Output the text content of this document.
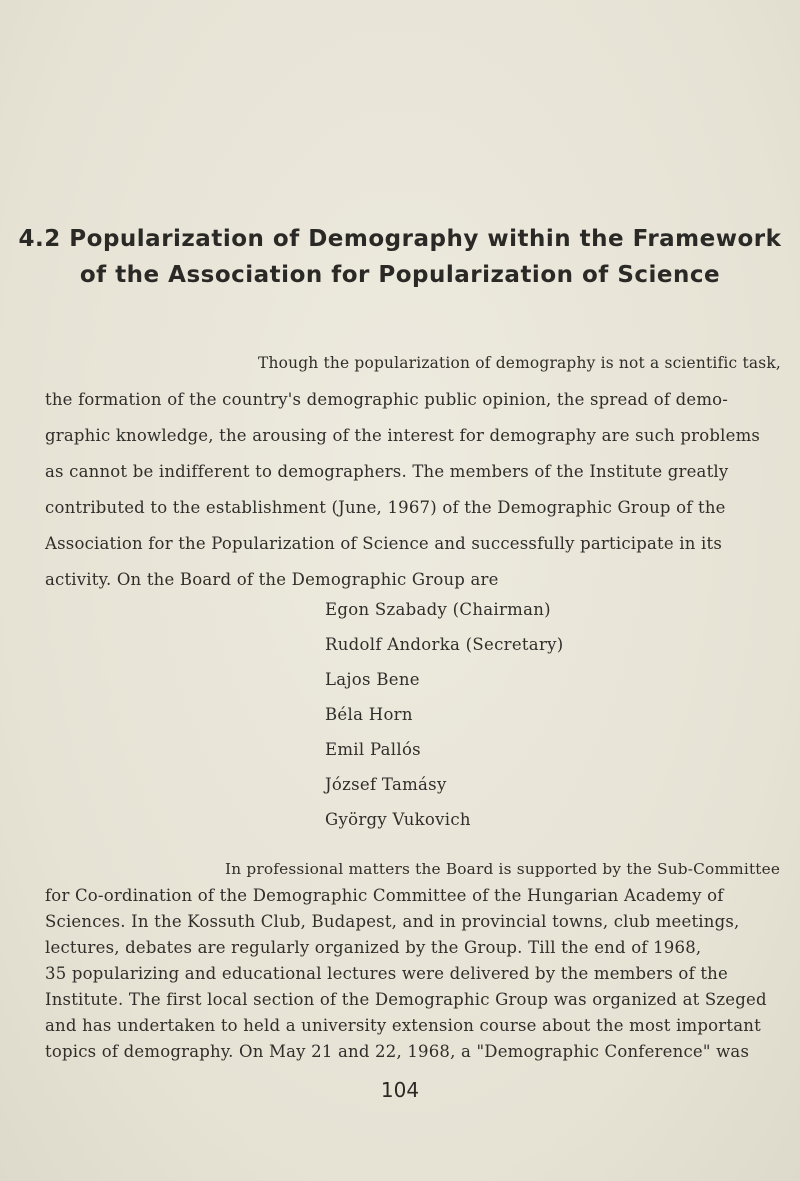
4.2 Popularization of Demography within the Framework
of the Association for Popularization of Science
Though the popularization of demography is not a scientific task,
the formation of the country's demographic public opinion, the spread of demo-
graphic knowledge, the arousing of the interest for demography are such problems
as cannot be indifferent to demographers. The members of the Institute greatly
contributed to the establishment (June, 1967) of the Demographic Group of the
Association for the Popularization of Science and successfully participate in its
activity. On the Board of the Demographic Group are
Egon Szabady (Chairman)
Rudolf Andorka (Secretary)
Lajos Bene
Béla Horn
Emil Pallós
József Tamásy
György Vukovich
In professional matters the Board is supported by the Sub-Committee
for Co-ordination of the Demographic Committee of the Hungarian Academy of
Sciences. In the Kossuth Club, Budapest, and in provincial towns, club meetings,
lectures, debates are regularly organized by the Group. Till the end of 1968,
35 popularizing and educational lectures were delivered by the members of the
Institute. The first local section of the Demographic Group was organized at Szeged
and has undertaken to held a university extension course about the most important
topics of demography. On May 21 and 22, 1968, a "Demographic Conference" was
104
